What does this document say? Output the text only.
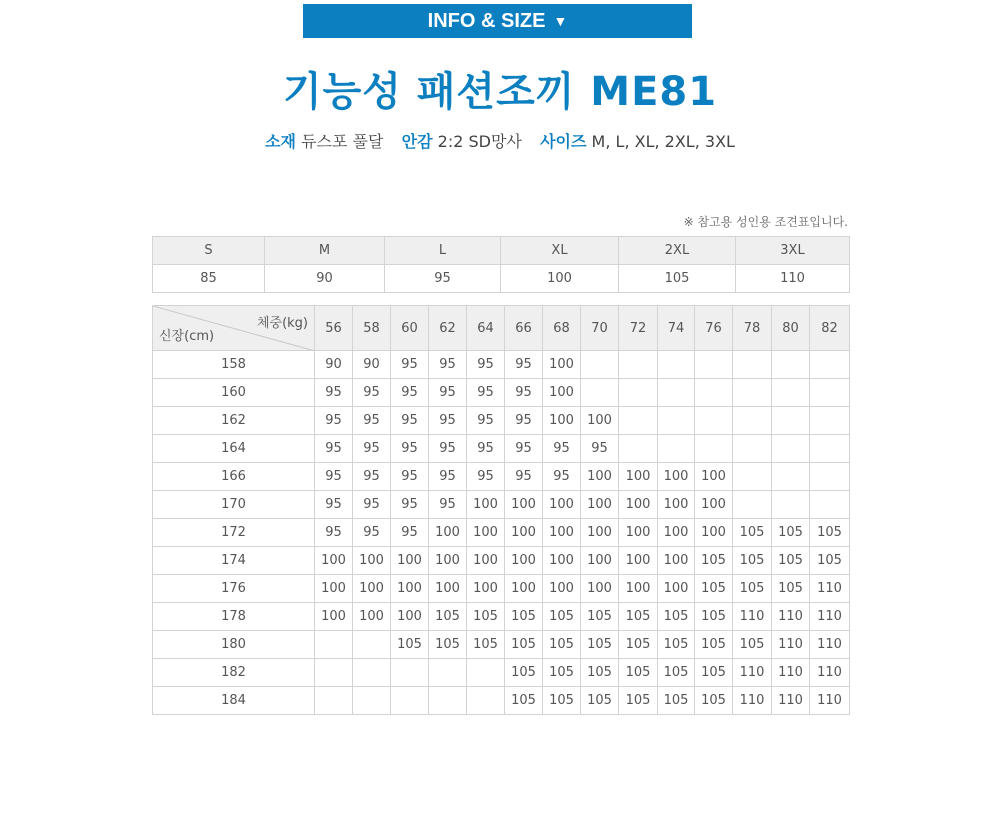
INFO & SIZE ▼
기능성 패션조끼 ME81
소재 듀스포 풀달 안감 2:2 SD망사 사이즈 M, L, XL, 2XL, 3XL
※ 참고용 성인용 조견표입니다.
S	M	L	XL	2XL	3XL
85	90	95	100	105	110
체중(kg)
신장(cm)	56	58	60	62	64	66	68	70	72	74	76	78	80	82
158	90	90	95	95	95	95	100							
160	95	95	95	95	95	95	100							
162	95	95	95	95	95	95	100	100						
164	95	95	95	95	95	95	95	95						
166	95	95	95	95	95	95	95	100	100	100	100			
170	95	95	95	95	100	100	100	100	100	100	100			
172	95	95	95	100	100	100	100	100	100	100	100	105	105	105
174	100	100	100	100	100	100	100	100	100	100	105	105	105	105
176	100	100	100	100	100	100	100	100	100	100	105	105	105	110
178	100	100	100	105	105	105	105	105	105	105	105	110	110	110
180			105	105	105	105	105	105	105	105	105	105	110	110
182						105	105	105	105	105	105	110	110	110
184						105	105	105	105	105	105	110	110	110
